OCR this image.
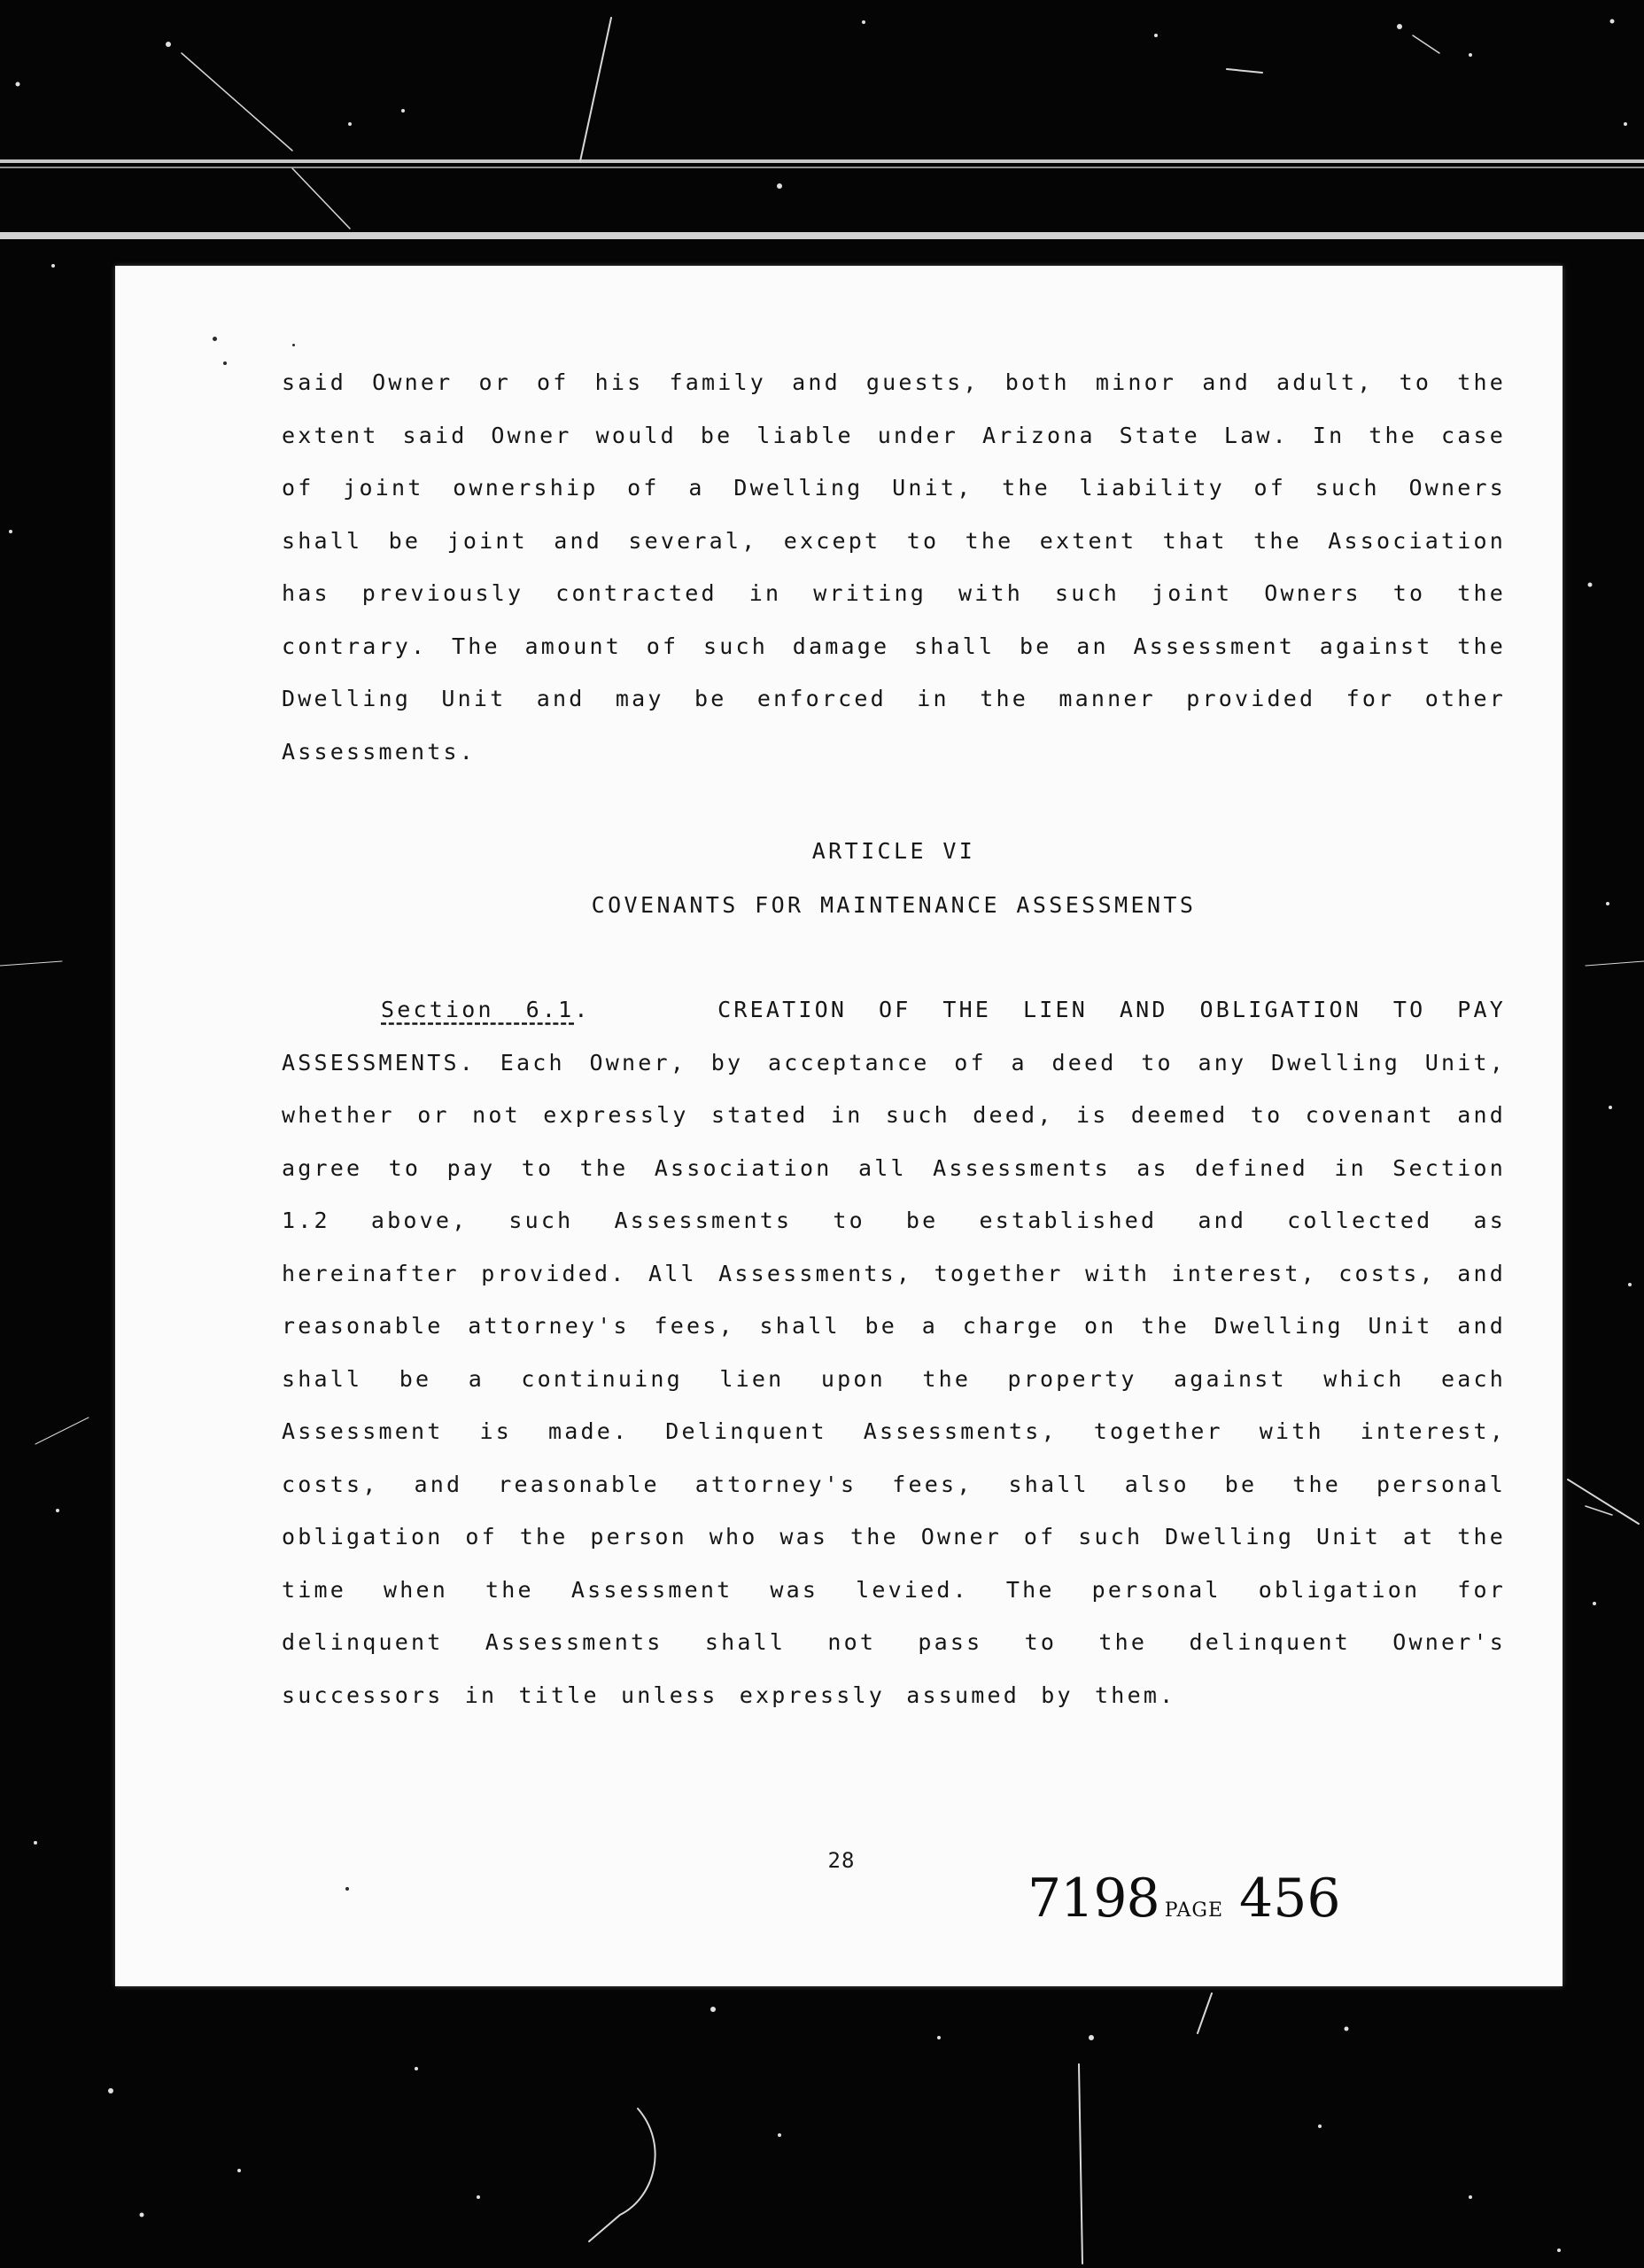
said Owner or of his family and guests, both minor and adult, to the extent said Owner would be liable under Arizona State Law. In the case of joint ownership of a Dwelling Unit, the liability of such Owners shall be joint and several, except to the extent that the Association has previously contracted in writing with such joint Owners to the contrary. The amount of such damage shall be an Assessment against the Dwelling Unit and may be enforced in the manner provided for other Assessments.

ARTICLE VI
COVENANTS FOR MAINTENANCE ASSESSMENTS

Section 6.1.	CREATION OF THE LIEN AND OBLIGATION TO PAY ASSESSMENTS. Each Owner, by acceptance of a deed to any Dwelling Unit, whether or not expressly stated in such deed, is deemed to covenant and agree to pay to the Association all Assessments as defined in Section 1.2 above, such Assessments to be established and collected as hereinafter provided. All Assessments, together with interest, costs, and reasonable attorney's fees, shall be a charge on the Dwelling Unit and shall be a continuing lien upon the property against which each Assessment is made. Delinquent Assessments, together with interest, costs, and reasonable attorney's fees, shall also be the personal obligation of the person who was the Owner of such Dwelling Unit at the time when the Assessment was levied. The personal obligation for delinquent Assessments shall not pass to the delinquent Owner's successors in title unless expressly assumed by them.

28
7198 PAGE 456
